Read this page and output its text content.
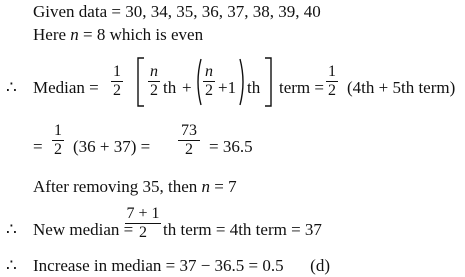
Given data = 30, 34, 35, 36, 37, 38, 39, 40
Here n = 8 which is even
∴ Median = $\frac{1}{2} \frac{n}{2}$ th + $\frac{n}{2} +1$ th term = $\frac{1}{2} (4th + 5th$ term)
= $\frac{1}{2} (36 + 37) = \frac{73}{2} = 36.5$
After removing 35, then n = 7
∴ New median =
$\frac{7 + 1}{2}$ th term = 4th term = 37
∴ Increase in median = 37 − 36.5 = 0.5 (d)
